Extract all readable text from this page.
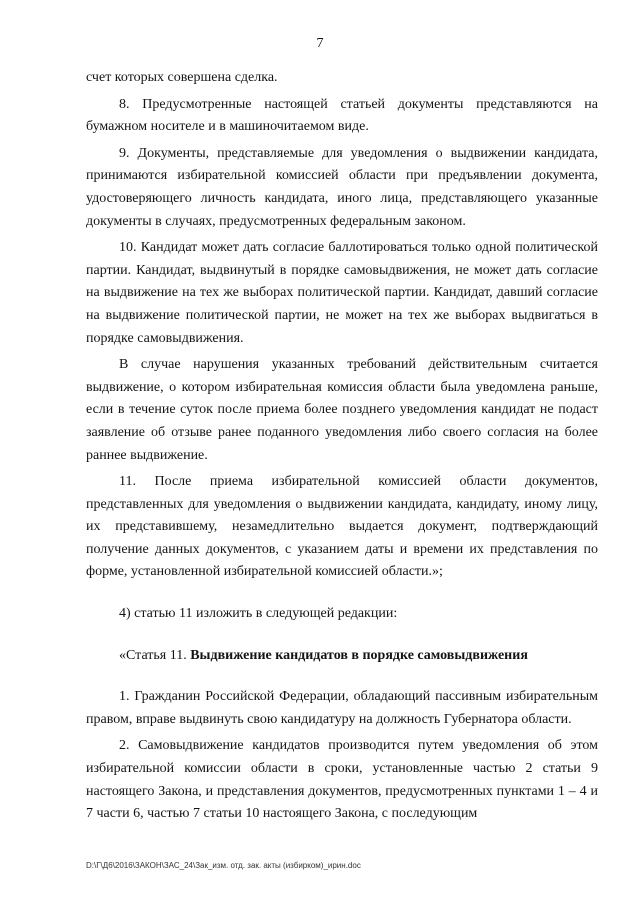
7

счет которых совершена сделка.

8. Предусмотренные настоящей статьей документы представляются на бумажном носителе и в машиночитаемом виде.

9. Документы, представляемые для уведомления о выдвижении кандидата, принимаются избирательной комиссией области при предъявлении документа, удостоверяющего личность кандидата, иного лица, представляющего указанные документы в случаях, предусмотренных федеральным законом.

10. Кандидат может дать согласие баллотироваться только одной политической партии. Кандидат, выдвинутый в порядке самовыдвижения, не может дать согласие на выдвижение на тех же выборах политической партии. Кандидат, давший согласие на выдвижение политической партии, не может на тех же выборах выдвигаться в порядке самовыдвижения.

В случае нарушения указанных требований действительным считается выдвижение, о котором избирательная комиссия области была уведомлена раньше, если в течение суток после приема более позднего уведомления кандидат не подаст заявление об отзыве ранее поданного уведомления либо своего согласия на более раннее выдвижение.

11. После приема избирательной комиссией области документов, представленных для уведомления о выдвижении кандидата, кандидату, иному лицу, их представившему, незамедлительно выдается документ, подтверждающий получение данных документов, с указанием даты и времени их представления по форме, установленной избирательной комиссией области.»;

4) статью 11 изложить в следующей редакции:

«Статья 11. Выдвижение кандидатов в порядке самовыдвижения

1. Гражданин Российской Федерации, обладающий пассивным избирательным правом, вправе выдвинуть свою кандидатуру на должность Губернатора области.

2. Самовыдвижение кандидатов производится путем уведомления об этом избирательной комиссии области в сроки, установленные частью 2 статьи 9 настоящего Закона, и представления документов, предусмотренных пунктами 1 – 4 и 7 части 6, частью 7 статьи 10 настоящего Закона, с последующим

D:\Г\Д6\2016\ЗАКОН\ЗАС_24\Зак_изм. отд. зак. акты (избирком)_ирин.doc
